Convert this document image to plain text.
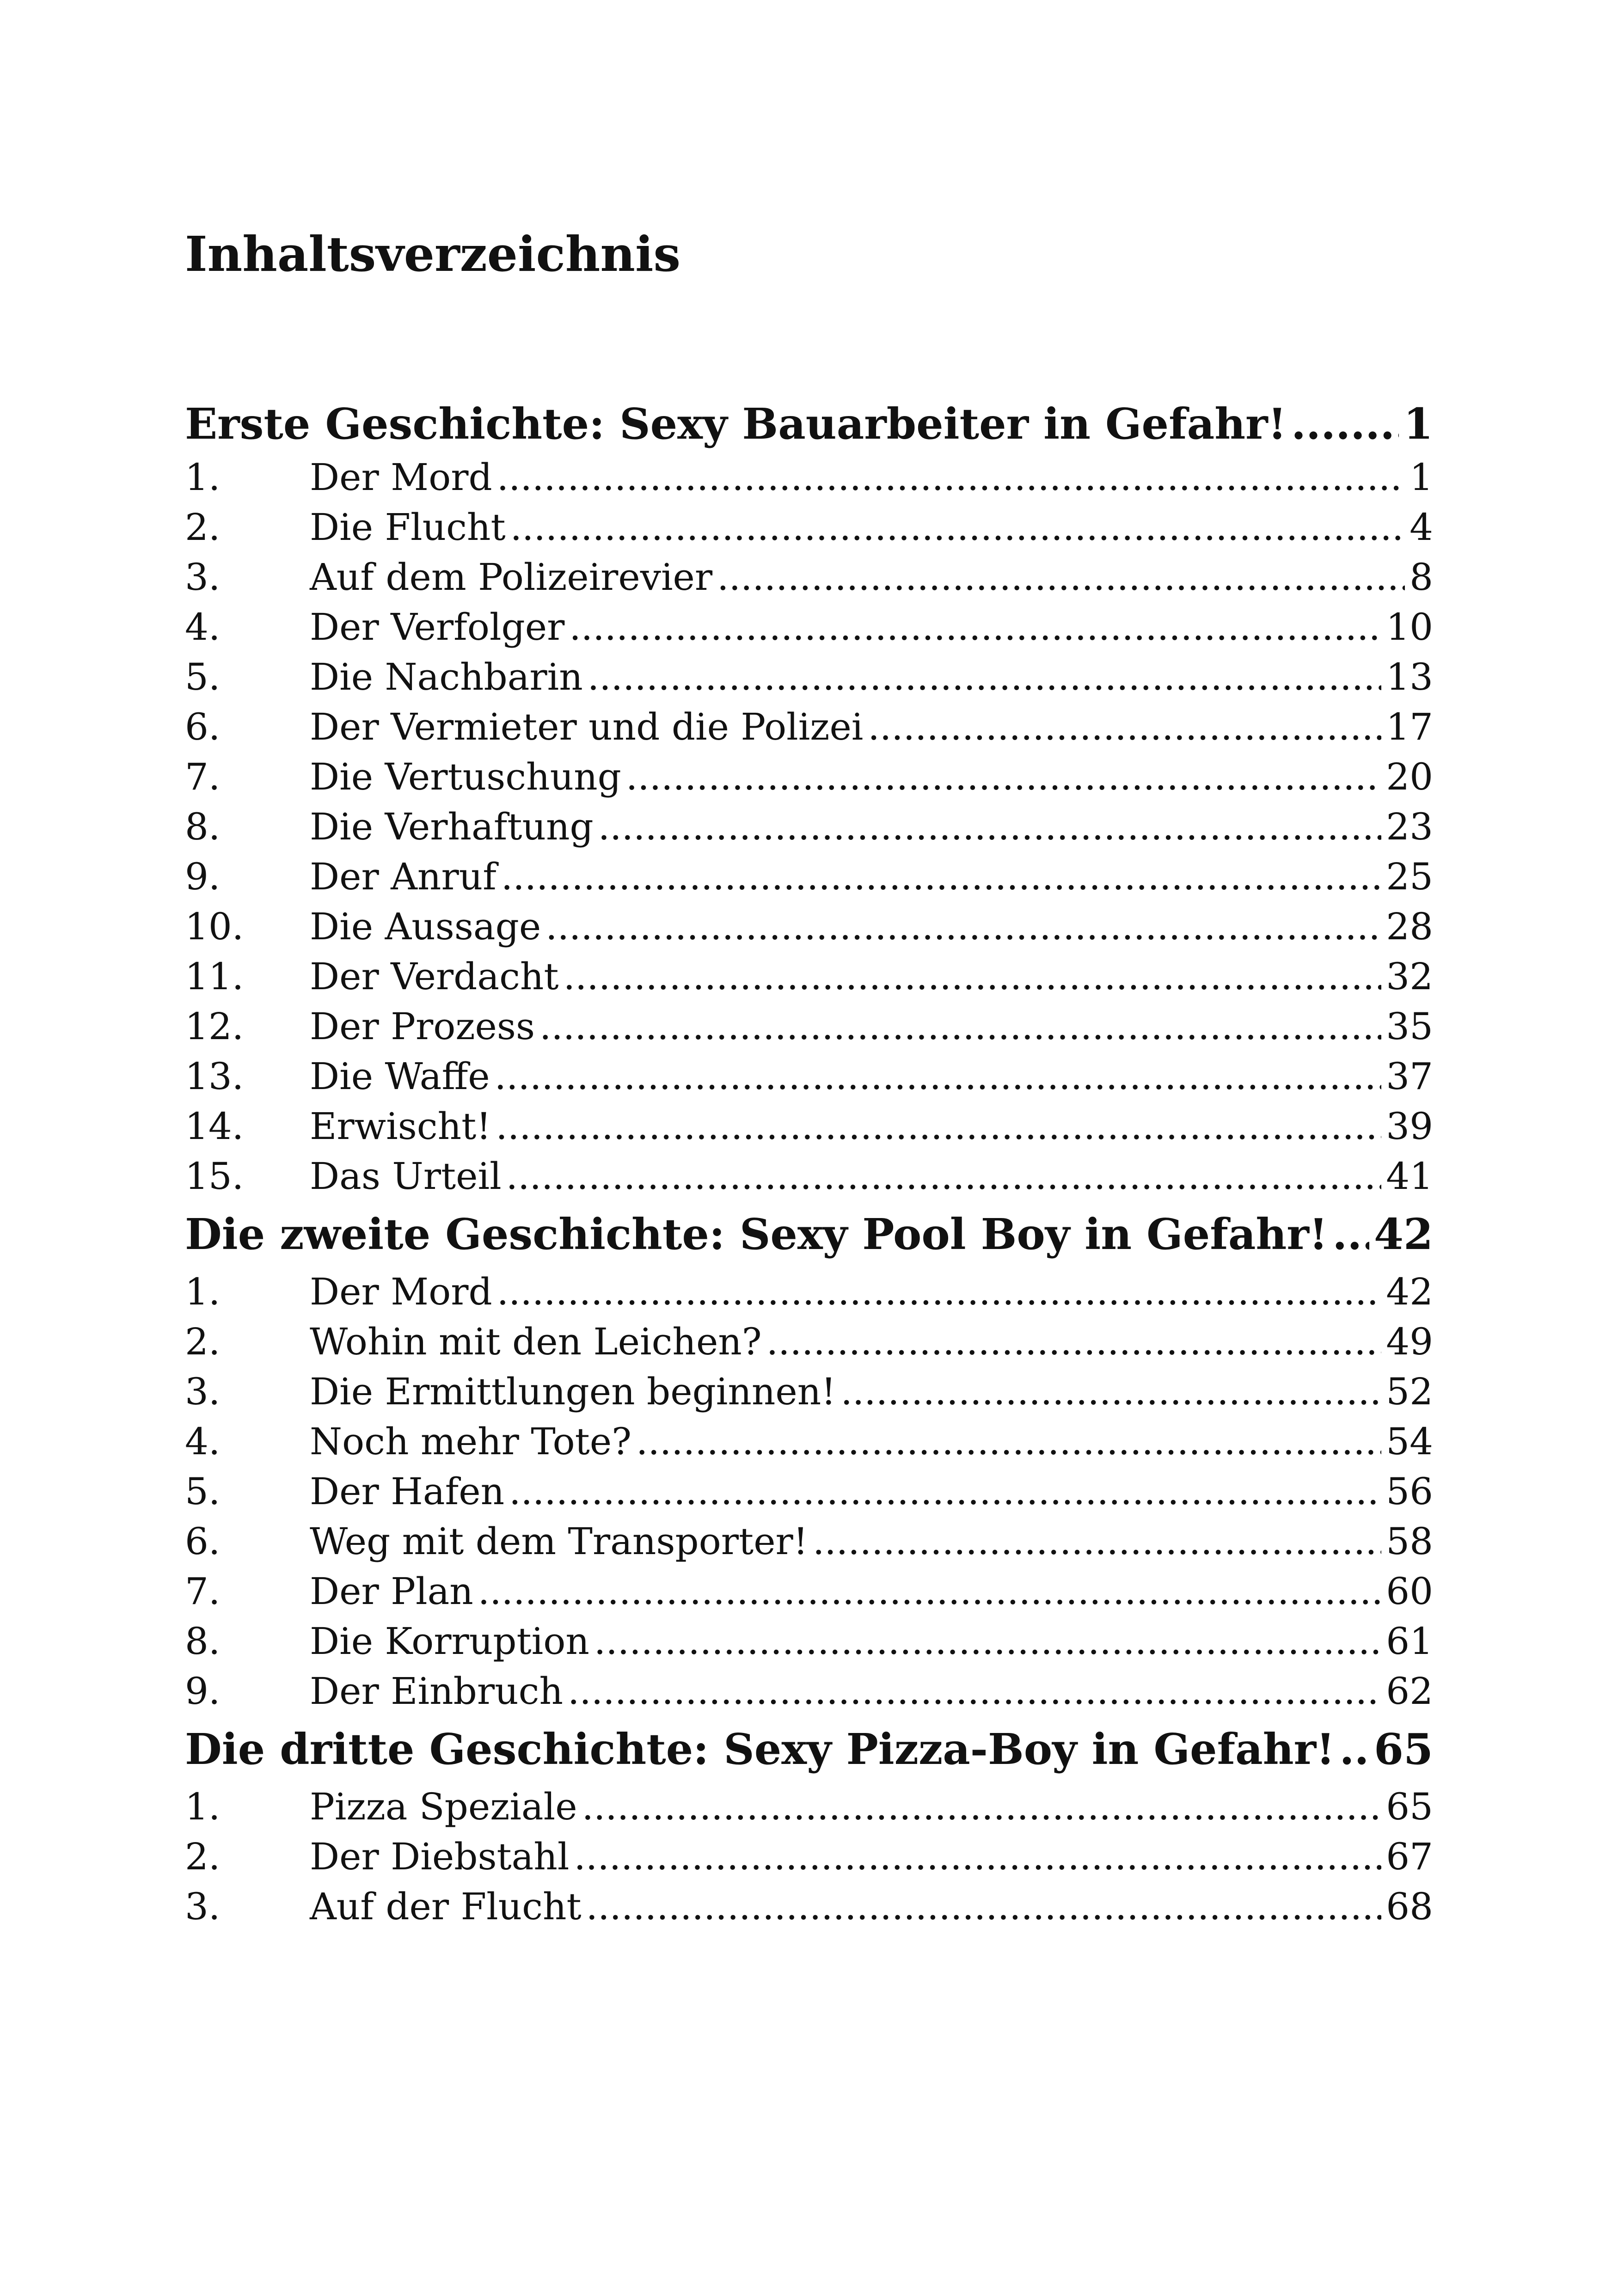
Inhaltsverzeichnis
Erste Geschichte: Sexy Bauarbeiter in Gefahr! .....	1
1.	Der Mord .....	1
2.	Die Flucht .....	4
3.	Auf dem Polizeirevier .....	8
4.	Der Verfolger .....	10
5.	Die Nachbarin .....	13
6.	Der Vermieter und die Polizei .....	17
7.	Die Vertuschung .....	20
8.	Die Verhaftung .....	23
9.	Der Anruf .....	25
10.	Die Aussage .....	28
11.	Der Verdacht .....	32
12.	Der Prozess .....	35
13.	Die Waffe .....	37
14.	Erwischt! .....	39
15.	Das Urteil .....	41
Die zweite Geschichte: Sexy Pool Boy in Gefahr! ..... 42
1.	Der Mord .....	42
2.	Wohin mit den Leichen? .....	49
3.	Die Ermittlungen beginnen! .....	52
4.	Noch mehr Tote? .....	54
5.	Der Hafen .....	56
6.	Weg mit dem Transporter! .....	58
7.	Der Plan .....	60
8.	Die Korruption .....	61
9.	Der Einbruch .....	62
Die dritte Geschichte: Sexy Pizza-Boy in Gefahr! ..... 65
1.	Pizza Speziale .....	65
2.	Der Diebstahl .....	67
3.	Auf der Flucht .....	68
